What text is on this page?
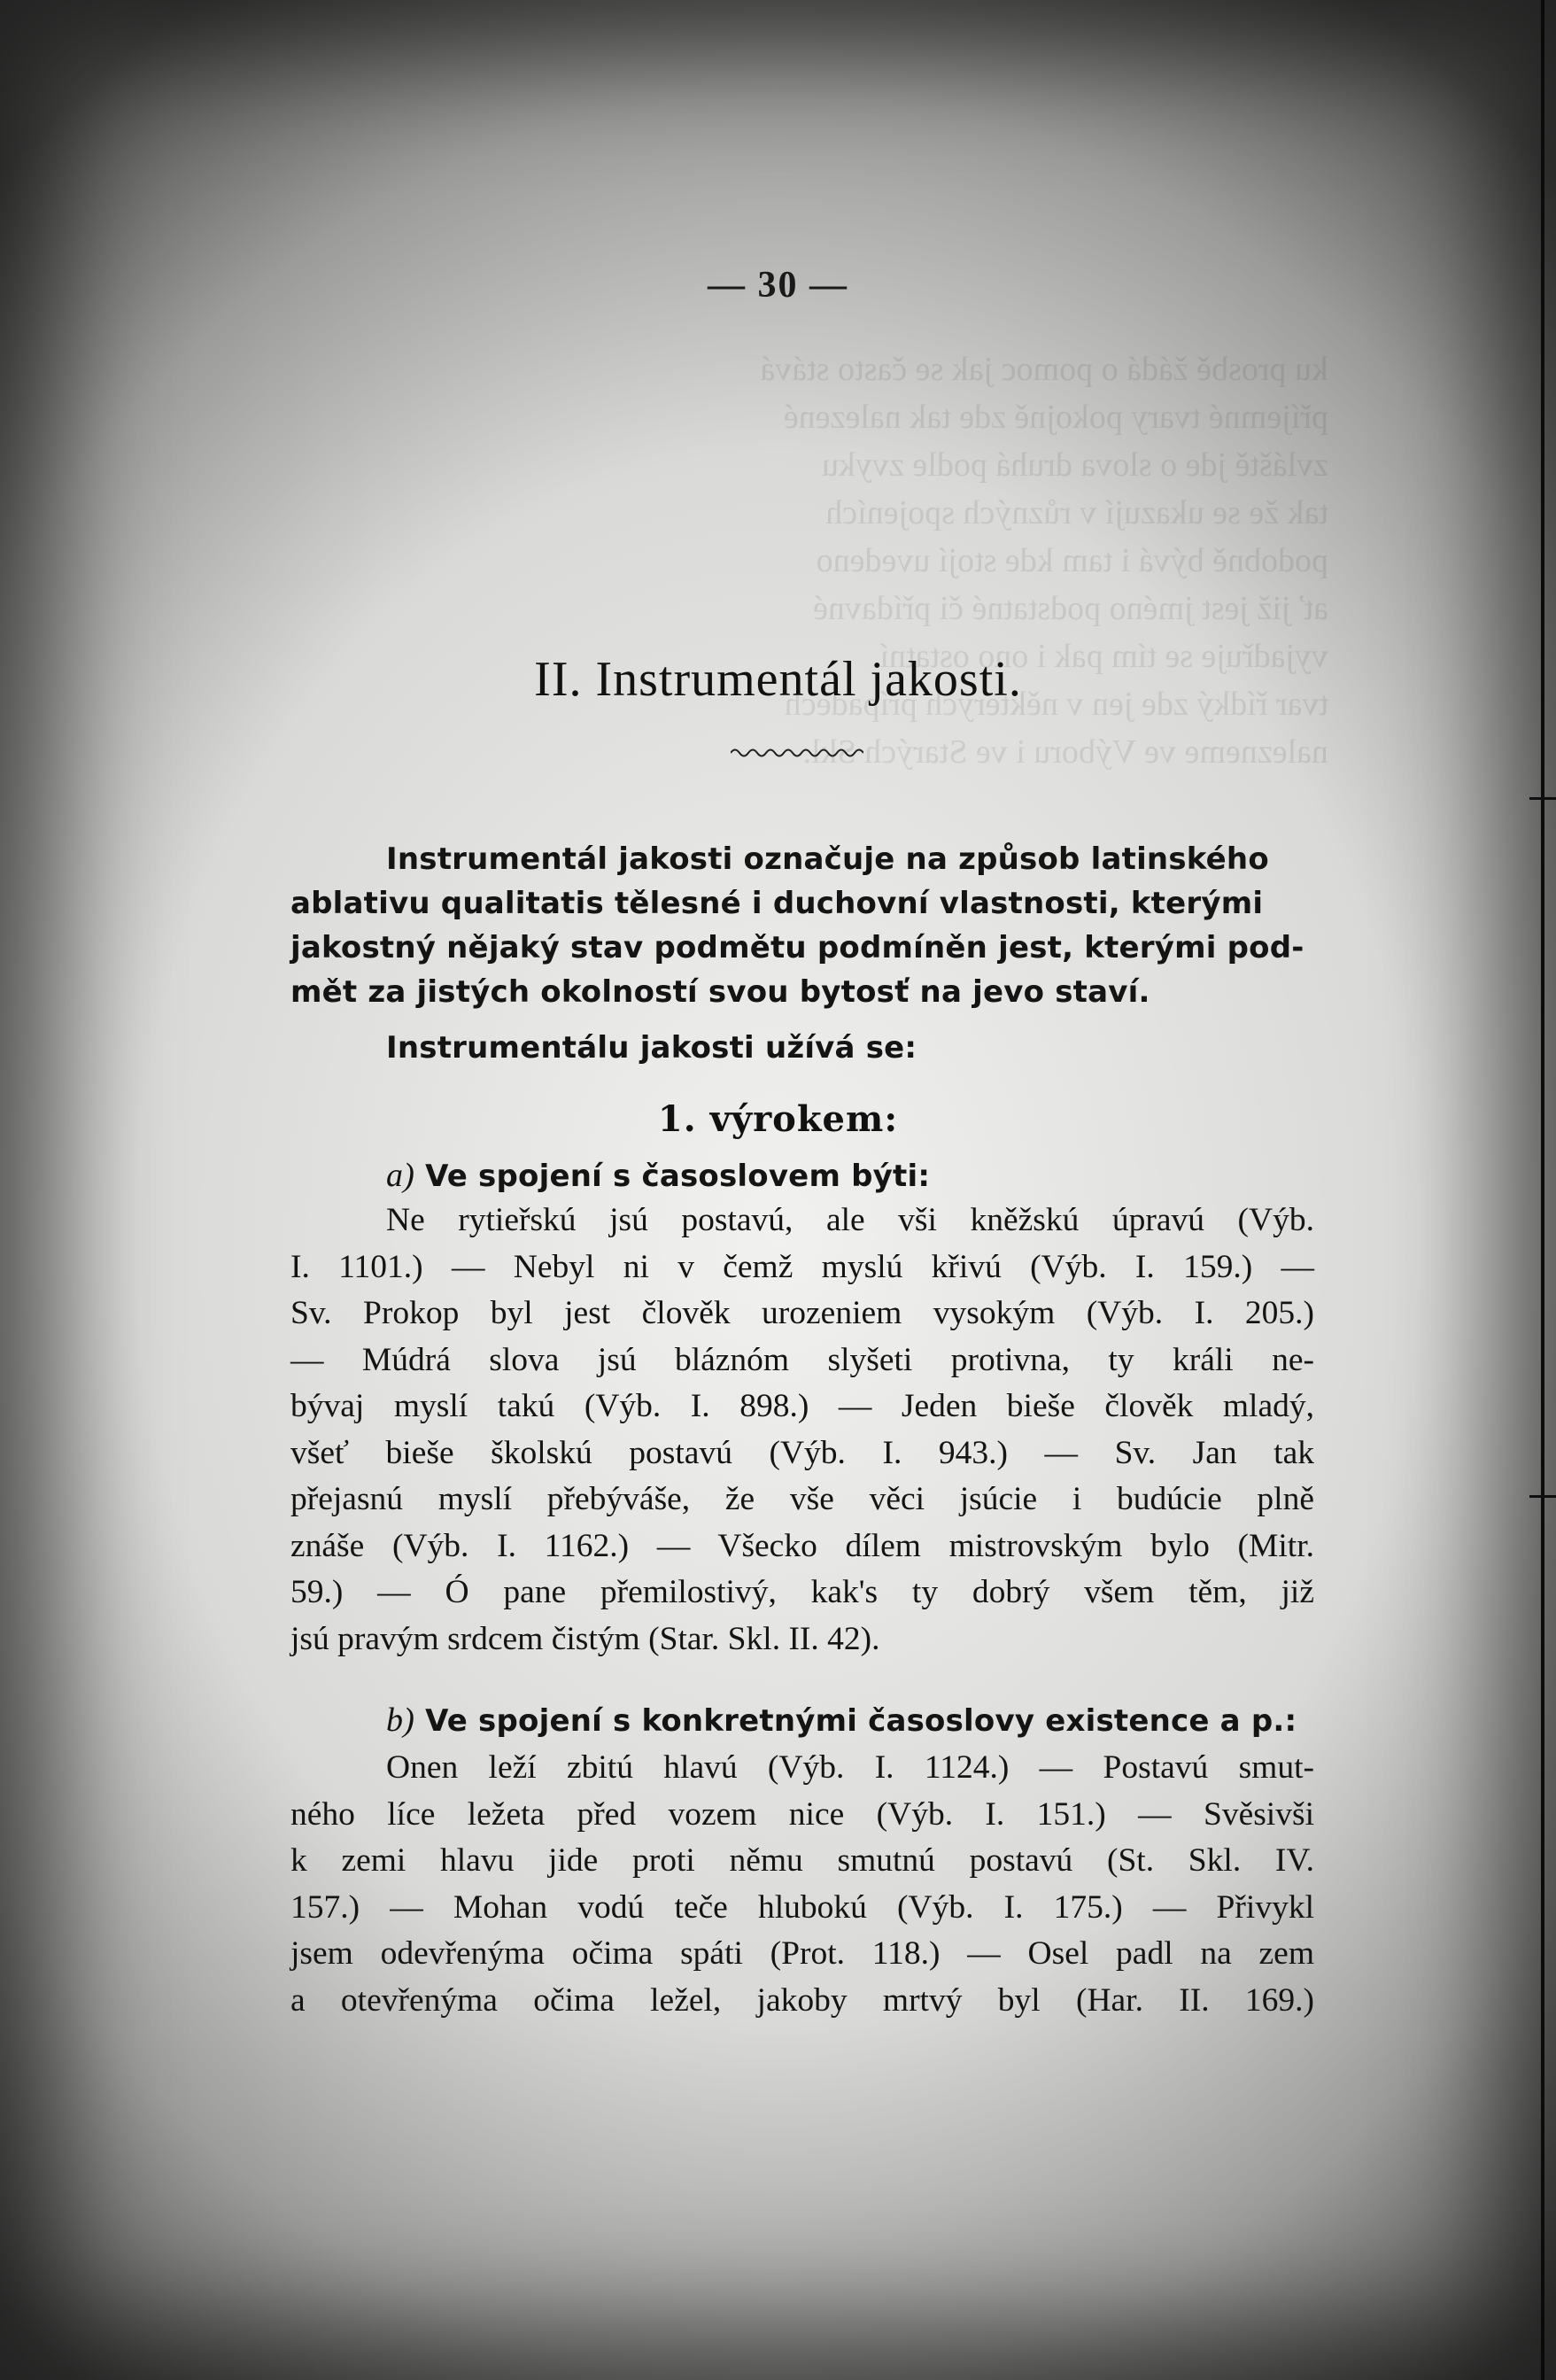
ku prosbě žádá o pomoc jak se často stává
příjemné tvary pokojně zde tak nalezené
zvláště jde o slova druhá podle zvyku
tak že se ukazují v různých spojeních
podobně bývá i tam kde stojí uvedeno
ať již jest jméno podstatné či přídavné
vyjadřuje se tím pak i ono ostatní
tvar řídký zde jen v některých případech
nalezneme ve Výboru i ve Starých Skl.
— 30 —
II. Instrumentál jakosti.
Instrumentál jakosti označuje na způsob latinského
ablativu qualitatis tělesné i duchovní vlastnosti, kterými
jakostný nějaký stav podmětu podmíněn jest, kterými pod-
mět za jistých okolností svou bytosť na jevo staví.
Instrumentálu jakosti užívá se:
1. výrokem:
a) Ve spojení s časoslovem býti:

Ne rytieřskú jsú postavú, ale vši kněžskú úpravú (Výb.

I. 1101.) — Nebyl ni v čemž myslú křivú (Výb. I. 159.) —

Sv. Prokop byl jest člověk urozeniem vysokým (Výb. I. 205.)

— Múdrá slova jsú bláznóm slyšeti protivna, ty králi ne-

bývaj myslí takú (Výb. I. 898.) — Jeden bieše člověk mladý,

všeť bieše školskú postavú (Výb. I. 943.) — Sv. Jan tak

přejasnú myslí přebýváše, že vše věci jsúcie i budúcie plně

znáše (Výb. I. 1162.) — Všecko dílem mistrovským bylo (Mitr.

59.) — Ó pane přemilostivý, kak's ty dobrý všem těm, již

jsú pravým srdcem čistým (Star. Skl. II. 42).

b) Ve spojení s konkretnými časoslovy existence a p.:

Onen leží zbitú hlavú (Výb. I. 1124.) — Postavú smut-

ného líce ležeta před vozem nice (Výb. I. 151.) — Svěsivši

k zemi hlavu jide proti němu smutnú postavú (St. Skl. IV.

157.) — Mohan vodú teče hlubokú (Výb. I. 175.) — Přivykl

jsem odevřenýma očima spáti (Prot. 118.) — Osel padl na zem

a otevřenýma očima ležel, jakoby mrtvý byl (Har. II. 169.)
